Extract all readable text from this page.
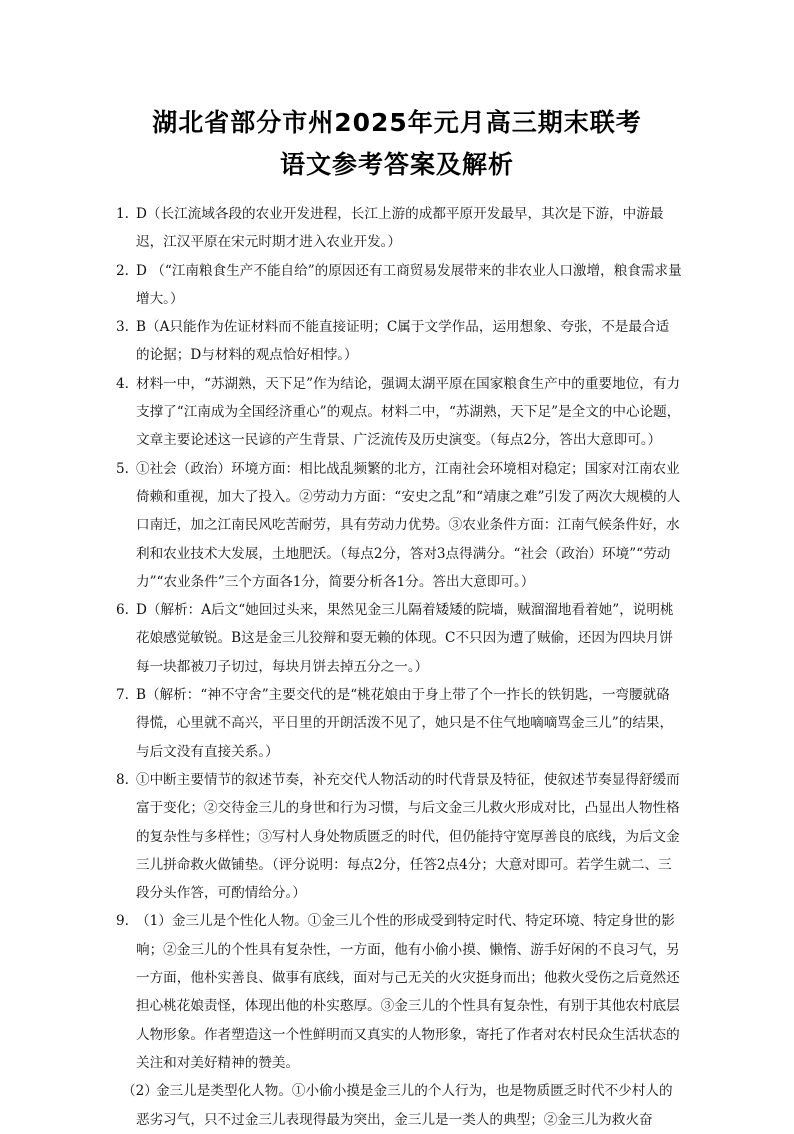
湖北省部分市州2025年元月高三期末联考
语文参考答案及解析
1. D（长江流域各段的农业开发进程，长江上游的成都平原开发最早，其次是下游，中游最迟，江汉平原在宋元时期才进入农业开发。）
2. D （“江南粮食生产不能自给”的原因还有工商贸易发展带来的非农业人口激增，粮食需求量增大。）
3. B（A只能作为佐证材料而不能直接证明；C属于文学作品，运用想象、夸张，不是最合适的论据；D与材料的观点恰好相悖。）
4. 材料一中，“苏湖熟，天下足”作为结论，强调太湖平原在国家粮食生产中的重要地位，有力支撑了“江南成为全国经济重心”的观点。材料二中，“苏湖熟，天下足”是全文的中心论题，文章主要论述这一民谚的产生背景、广泛流传及历史演变。（每点2分，答出大意即可。）
5. ①社会（政治）环境方面：相比战乱频繁的北方，江南社会环境相对稳定；国家对江南农业倚赖和重视，加大了投入。②劳动力方面：“安史之乱”和“靖康之难”引发了两次大规模的人口南迁，加之江南民风吃苦耐劳，具有劳动力优势。③农业条件方面：江南气候条件好，水利和农业技术大发展，土地肥沃。（每点2分，答对3点得满分。“社会（政治）环境”“劳动力”“农业条件”三个方面各1分，简要分析各1分。答出大意即可。）
6. D（解析：A后文“她回过头来，果然见金三儿隔着矮矮的院墙，贼溜溜地看着她”，说明桃花娘感觉敏锐。B这是金三儿狡辩和耍无赖的体现。C不只因为遭了贼偷，还因为四块月饼每一块都被刀子切过，每块月饼去掉五分之一。）
7. B（解析：“神不守舍”主要交代的是“桃花娘由于身上带了个一拃长的铁钥匙，一弯腰就硌得慌，心里就不高兴，平日里的开朗活泼不见了，她只是不住气地嘀嘀骂金三儿”的结果，与后文没有直接关系。）
8. ①中断主要情节的叙述节奏，补充交代人物活动的时代背景及特征，使叙述节奏显得舒缓而富于变化；②交待金三儿的身世和行为习惯，与后文金三儿救火形成对比，凸显出人物性格的复杂性与多样性；③写村人身处物质匮乏的时代，但仍能持守宽厚善良的底线，为后文金三儿拼命救火做铺垫。（评分说明：每点2分，任答2点4分；大意对即可。若学生就二、三段分头作答，可酌情给分。）
9. （1）金三儿是个性化人物。①金三儿个性的形成受到特定时代、特定环境、特定身世的影响；②金三儿的个性具有复杂性，一方面，他有小偷小摸、懒惰、游手好闲的不良习气，另一方面，他朴实善良、做事有底线，面对与己无关的火灾挺身而出；他救火受伤之后竟然还担心桃花娘责怪，体现出他的朴实憨厚。③金三儿的个性具有复杂性，有别于其他农村底层人物形象。作者塑造这一个性鲜明而又真实的人物形象，寄托了作者对农村民众生活状态的关注和对美好精神的赞美。
（2）
金三儿是类型化人物。①小偷小摸是金三儿的个人行为，也是物质匮乏时代不少村人的恶劣习气，只不过金三儿表现得最为突出，金三儿是一类人的典型；②金三儿为救火奋
